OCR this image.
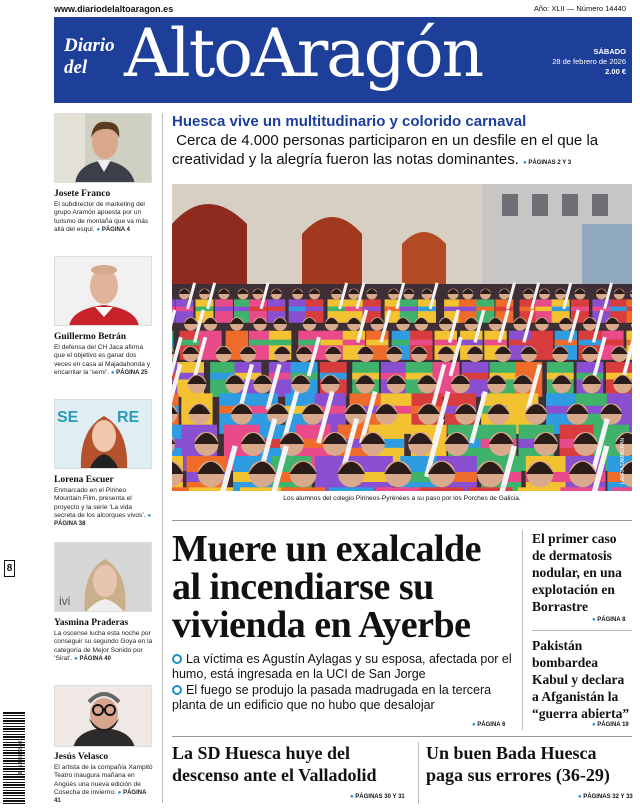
www.diariodelaltoaragon.es	Año: XLII — Número 14440
Diario
del AltoAragón	SÁBADO
28 de febrero de 2026
2.00 €
8
8 413958 554011
Josete Franco
El subdirector de marketing del grupo Aramón apuesta por un turismo de montaña que va más allá del esquí. ● PÁGINA 4
Guillermo Betrán
El defensa del CH Jaca afirma que el objetivo es ganar dos veces en casa al Majadahonda y encarrilar la ‘semi’. ● PÁGINA 25
SE RE
Lorena Escuer
Enmarcado en el Pirineo Mountain Film, presenta el proyecto y la serie ‘La vida secreta de los alcorques vivos’. ● PÁGINA 38
ivi
Yasmina Praderas
La oscense lucha esta noche por conseguir su segundo Goya en la categoría de Mejor Sonido por ‘Sirat’. ● PÁGINA 40
Jesús Velasco
El artista de la compañía Xampitó Teatro inaugura mañana en Angüés una nueva edición de Cosecha de invierno. ● PÁGINA 41
Huesca vive un multitudinario y colorido carnaval
Cerca de 4.000 personas participaron en un desfile en el que la creatividad y la alegría fueron las notas dominantes. ● PÁGINAS 2 Y 3
LAURA ZAMBORÁN
Los alumnos del colegio Pirineos-Pyrénées a su paso por los Porches de Galicia.
Muere un exalcalde al incendiarse su vivienda en Ayerbe
La víctima es Agustín Aylagas y su esposa, afectada por el humo, está ingresada en la UCI de San Jorge
El fuego se produjo la pasada madrugada en la tercera planta de un edificio que no hubo que desalojar
● PÁGINA 6
El primer caso de dermatosis nodular, en una explotación en Borrastre
● PÁGINA 8
Pakistán bombardea Kabul y declara a Afganistán la “guerra abierta”
● PÁGINA 19
La SD Huesca huye del descenso ante el Valladolid
● PÁGINAS 30 Y 31
Un buen Bada Huesca paga sus errores (36-29)
● PÁGINAS 32 Y 33
